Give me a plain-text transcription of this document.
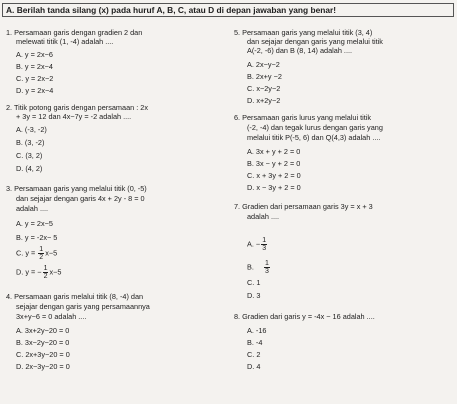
A. Berilah tanda silang (x) pada huruf A, B, C, atau D di depan jawaban yang benar!
1. Persamaan garis dengan gradien 2 dan
melewati titik (1, -4) adalah ....
A. y = 2x−6
B. y = 2x−4
C. y = 2x−2
D. y = 2x−4
2. Titik potong garis dengan persamaan : 2x
+ 3y = 12 dan 4x−7y = -2 adalah ....
A. (-3, -2)
B. (3, -2)
C. (3, 2)
D. (4, 2)
3. Persamaan garis yang melalui titik (0, -5)
dan sejajar dengan garis 4x + 2y - 8 = 0
adalah ....
A. y = 2x−5
B. y = -2x− 5
C. $y = \frac{1}{2} x-5$
D. y = − $\frac{1}{2} x-5$
4. Persamaan garis melalui titik (8, -4) dan
sejajar dengan garis yang persamaannya
3x+y−6 = 0 adalah ....
A. 3x+2y−20 = 0
B. 3x−2y−20 = 0
C. 2x+3y−20 = 0
D. 2x−3y−20 = 0
5. Persamaan garis yang melalui titik (3, 4)
dan sejajar dengan garis yang melalui titik
A(-2, -6) dan B (8, 14) adalah ....
A. 2x−y−2
B. 2x+y −2
C. x−2y−2
D. x+2y−2
6. Persamaan garis lurus yang melalui titik
(-2, -4) dan tegak lurus dengan garis yang
melalui titik P(-5, 6) dan Q(4,3) adalah ....
A. 3x + y + 2 = 0
B. 3x − y + 2 = 0
C. x + 3y + 2 = 0
D. x − 3y + 2 = 0
7. Gradien dari persamaan garis 3y = x + 3
adalah ....
A. − $\frac{1}{3}$
B. $\frac{1}{3}$
C. 1
D. 3
8. Gradien dari garis y = -4x − 16 adalah ....
A. -16
B. -4
C. 2
D. 4
